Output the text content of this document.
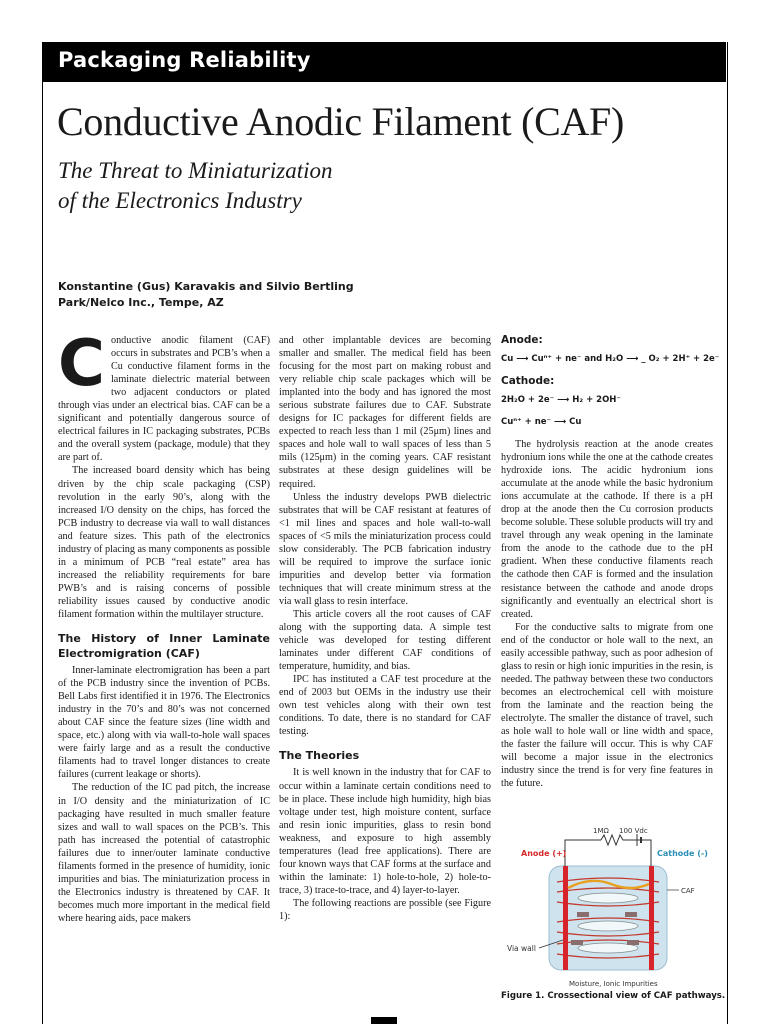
Packaging Reliability
Conductive Anodic Filament (CAF)
The Threat to Miniaturization
of the Electronics Industry
Konstantine (Gus) Karavakis and Silvio Bertling
Park/Nelco Inc., Tempe, AZ

Conductive anodic filament (CAF) occurs in substrates and PCB’s when a Cu conductive filament forms in the laminate dielectric material between two adjacent conductors or plated through vias under an electrical bias. CAF can be a significant and potentially dangerous source of electrical failures in IC packaging substrates, PCBs and the overall system (package, module) that they are part of.

The increased board density which has being driven by the chip scale packaging (CSP) revolution in the early 90’s, along with the increased I/O density on the chips, has forced the PCB industry to decrease via wall to wall distances and feature sizes. This path of the electronics industry of placing as many components as possible in a minimum of PCB “real estate” area has increased the reliability requirements for bare PWB’s and is raising concerns of possible reliability issues caused by conductive anodic filament formation within the multilayer structure.

The History of Inner Laminate Electromigration (CAF)

Inner-laminate electromigration has been a part of the PCB industry since the invention of PCBs. Bell Labs first identified it in 1976. The Electronics industry in the 70’s and 80’s was not concerned about CAF since the feature sizes (line width and space, etc.) along with via wall-to-hole wall spaces were fairly large and as a result the conductive filaments had to travel longer distances to create failures (current leakage or shorts).

The reduction of the IC pad pitch, the increase in I/O density and the miniaturization of IC packaging have resulted in much smaller feature sizes and wall to wall spaces on the PCB’s. This path has increased the potential of catastrophic failures due to inner/outer laminate conductive filaments formed in the presence of humidity, ionic impurities and bias. The miniaturization process in the Electronics industry is threatened by CAF. It becomes much more important in the medical field where hearing aids, pace makers

and other implantable devices are becoming smaller and smaller. The medical field has been focusing for the most part on making robust and very reliable chip scale packages which will be implanted into the body and has ignored the most serious substrate failures due to CAF. Substrate designs for IC packages for different fields are expected to reach less than 1 mil (25μm) lines and spaces and hole wall to wall spaces of less than 5 mils (125μm) in the coming years. CAF resistant substrates at these design guidelines will be required.

Unless the industry develops PWB dielectric substrates that will be CAF resistant at features of <1 mil lines and spaces and hole wall-to-wall spaces of <5 mils the miniaturization process could slow considerably. The PCB fabrication industry will be required to improve the surface ionic impurities and develop better via formation techniques that will create minimum stress at the via wall glass to resin interface.

This article covers all the root causes of CAF along with the supporting data. A simple test vehicle was developed for testing different laminates under different CAF conditions of temperature, humidity, and bias.

IPC has instituted a CAF test procedure at the end of 2003 but OEMs in the industry use their own test vehicles along with their own test conditions. To date, there is no standard for CAF testing.

The Theories

It is well known in the industry that for CAF to occur within a laminate certain conditions need to be in place. These include high humidity, high bias voltage under test, high moisture content, surface and resin ionic impurities, glass to resin bond weakness, and exposure to high assembly temperatures (lead free applications). There are four known ways that CAF forms at the surface and within the laminate: 1) hole-to-hole, 2) hole-to-trace, 3) trace-to-trace, and 4) layer-to-layer.

The following reactions are possible (see Figure 1):

Anode:
Cu ⟶ Cuⁿ⁺ + ne⁻ and H₂O ⟶ _ O₂ + 2H⁺ + 2e⁻
Cathode:
2H₂O + 2e⁻ ⟶ H₂ + 2OH⁻
Cuⁿ⁺ + ne⁻ ⟶ Cu

The hydrolysis reaction at the anode creates hydronium ions while the one at the cathode creates hydroxide ions. The acidic hydronium ions accumulate at the anode while the basic hydronium ions accumulate at the cathode. If there is a pH drop at the anode then the Cu corrosion products become soluble. These soluble products will try and travel through any weak opening in the laminate from the anode to the cathode due to the pH gradient. When these conductive filaments reach the cathode then CAF is formed and the insulation resistance between the cathode and anode drops significantly and eventually an electrical short is created.

For the conductive salts to migrate from one end of the conductor or hole wall to the next, an easily accessible pathway, such as poor adhesion of glass to resin or high ionic impurities in the resin, is needed. The pathway between these two conductors becomes an electrochemical cell with moisture from the laminate and the reaction being the electrolyte. The smaller the distance of travel, such as hole wall to hole wall or line width and space, the faster the failure will occur. This is why CAF will become a major issue in the electronics industry since the trend is for very fine features in the future.

1MΩ 100 Vdc
Anode (+)	Cathode (-)
CAF
Via wall
Moisture, Ionic Impurities
Figure 1. Crossectional view of CAF pathways.
